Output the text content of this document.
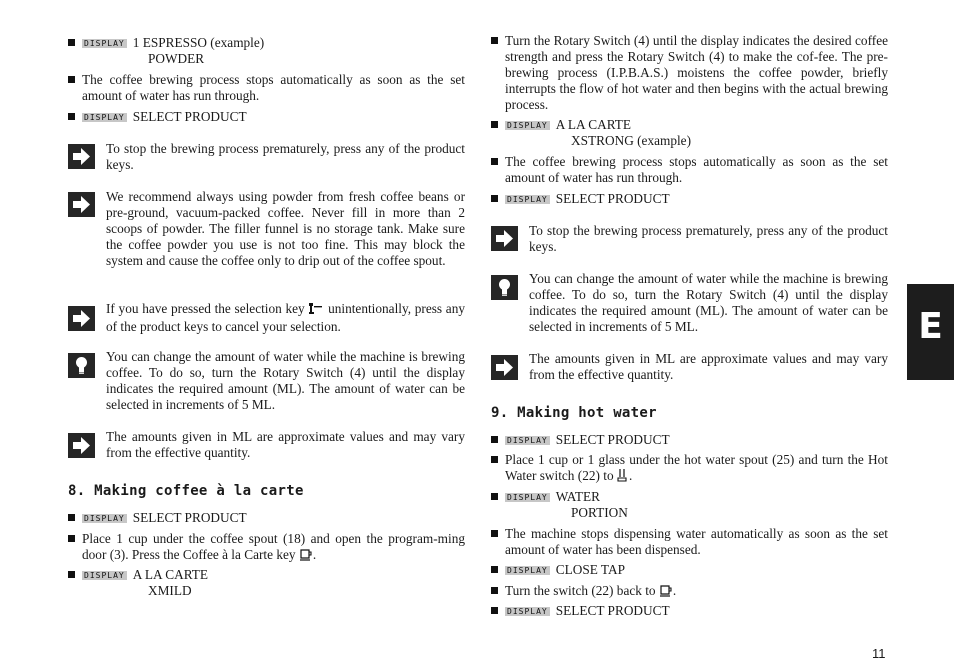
DISPLAY 1 ESPRESSO (example)
POWDER
The coffee brewing process stops automatically as soon as the set amount of water has run through.
DISPLAY SELECT PRODUCT
To stop the brewing process prematurely, press any of the product keys.
We recommend always using powder from fresh coffee beans or pre-ground, vacuum-packed coffee. Never fill in more than 2 scoops of powder. The filler funnel is no storage tank. Make sure the coffee powder you use is not too fine. This may block the system and cause the coffee only to drip out of the coffee spout.
If you have pressed the selection key unintentionally, press any of the product keys to cancel your selection.
You can change the amount of water while the machine is brewing coffee. To do so, turn the Rotary Switch (4) until the display indicates the required amount (ML). The amount of water can be selected in increments of 5 ML.
The amounts given in ML are approximate values and may vary from the effective quantity.
8. Making coffee à la carte
DISPLAY SELECT PRODUCT
Place 1 cup under the coffee spout (18) and open the program-ming door (3). Press the Coffee à la Carte key .
DISPLAY A LA CARTE
XMILD
Turn the Rotary Switch (4) until the display indicates the desired coffee strength and press the Rotary Switch (4) to make the cof-fee. The pre-brewing process (I.P.B.A.S.) moistens the coffee powder, briefly interrupts the flow of hot water and then begins with the actual brewing process.
DISPLAY A LA CARTE
XSTRONG (example)
The coffee brewing process stops automatically as soon as the set amount of water has run through.
DISPLAY SELECT PRODUCT
To stop the brewing process prematurely, press any of the product keys.
You can change the amount of water while the machine is brewing coffee. To do so, turn the Rotary Switch (4) until the display indicates the required amount (ML). The amount of water can be selected in increments of 5 ML.
The amounts given in ML are approximate values and may vary from the effective quantity.
9. Making hot water
DISPLAY SELECT PRODUCT
Place 1 cup or 1 glass under the hot water spout (25) and turn the Hot Water switch (22) to .
DISPLAY WATER
PORTION
The machine stops dispensing water automatically as soon as the set amount of water has been dispensed.
DISPLAY CLOSE TAP
Turn the switch (22) back to .
DISPLAY SELECT PRODUCT
E
11
